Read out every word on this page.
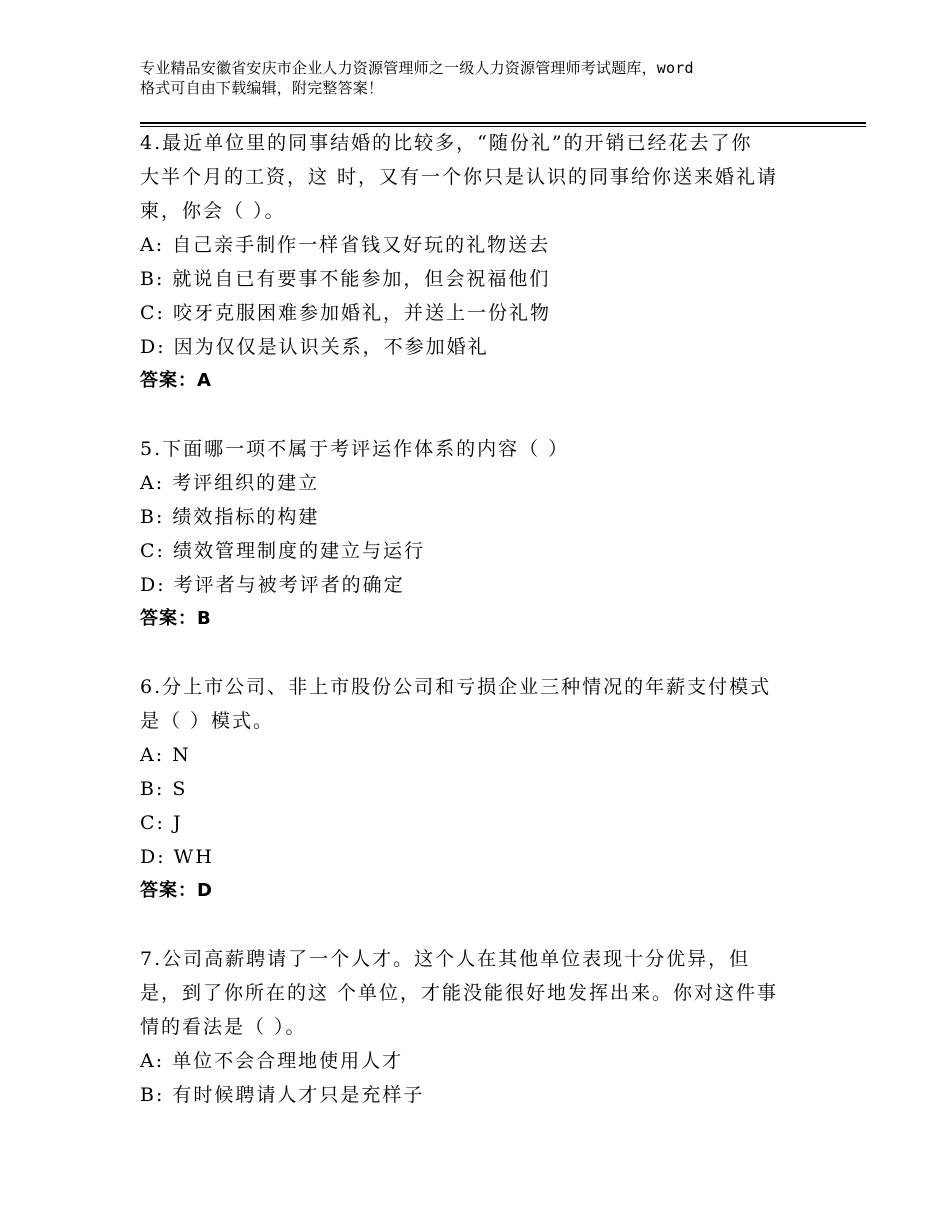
专业精品安徽省安庆市企业人力资源管理师之一级人力资源管理师考试题库，word
格式可自由下载编辑，附完整答案！
4.最近单位里的同事结婚的比较多，“随份礼”的开销已经花去了你
大半个月的工资，这 时，又有一个你只是认识的同事给你送来婚礼请
柬，你会（ ）。
A: 自己亲手制作一样省钱又好玩的礼物送去
B: 就说自已有要事不能参加，但会祝福他们
C: 咬牙克服困难参加婚礼，并送上一份礼物
D: 因为仅仅是认识关系，不参加婚礼
答案：A
5.下面哪一项不属于考评运作体系的内容（ ）
A: 考评组织的建立
B: 绩效指标的构建
C: 绩效管理制度的建立与运行
D: 考评者与被考评者的确定
答案：B
6.分上市公司、非上市股份公司和亏损企业三种情况的年薪支付模式
是（ ）模式。
A: N
B: S
C: J
D: WH
答案：D
7.公司高薪聘请了一个人才。这个人在其他单位表现十分优异，但
是，到了你所在的这 个单位，才能没能很好地发挥出来。你对这件事
情的看法是（ ）。
A: 单位不会合理地使用人才
B: 有时候聘请人才只是充样子
